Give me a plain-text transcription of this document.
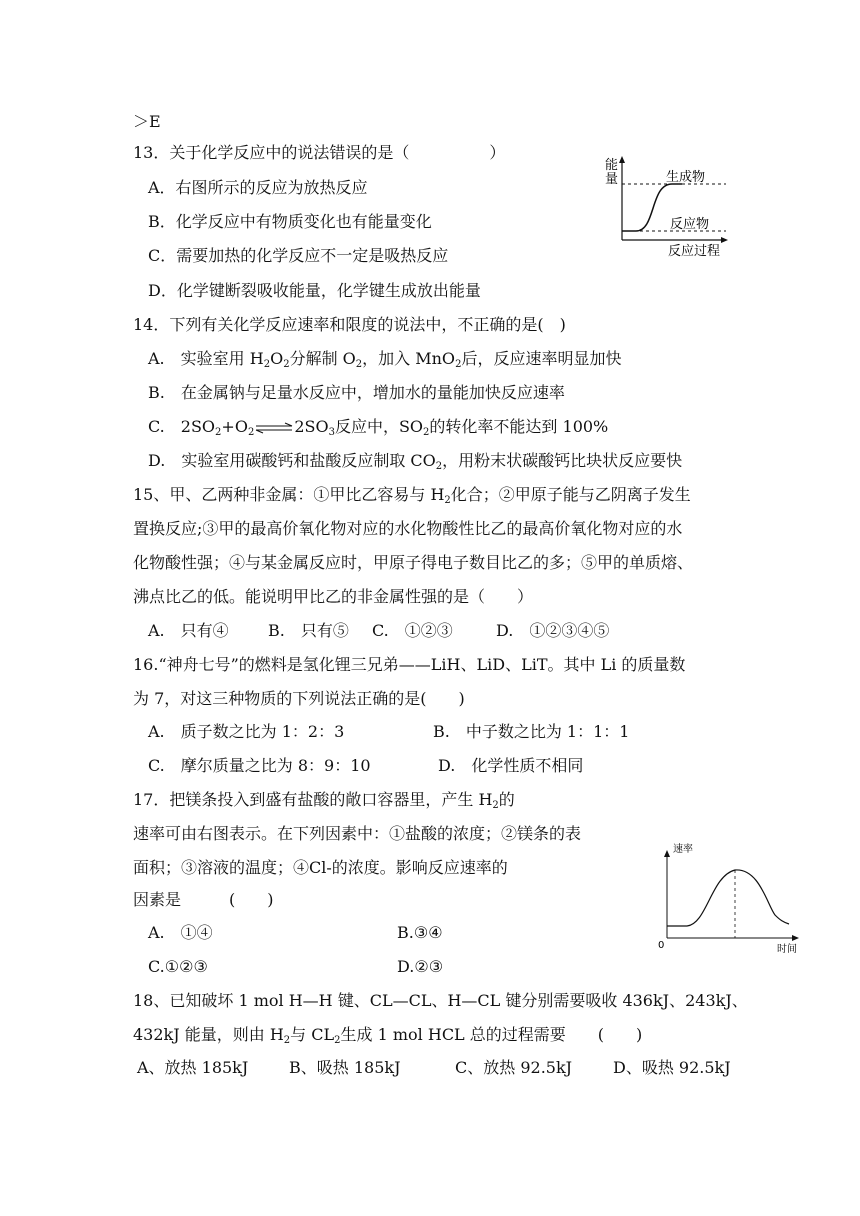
＞E
13．关于化学反应中的说法错误的是（　　　　　）
A．右图所示的反应为放热反应
B．化学反应中有物质变化也有能量变化
C．需要加热的化学反应不一定是吸热反应
D．化学键断裂吸收能量，化学键生成放出能量
能
量	生成物
反应物
反应过程
14．下列有关化学反应速率和限度的说法中，不正确的是(　)
A.　实验室用 $H_2O_2$分解制 $O_2$，加入 MnO$_2$后，反应速率明显加快
B.　在金属钠与足量水反应中，增加水的量能加快反应速率
C.　$2SO_2+O_2\rightleftharpoons 2SO_3$反应中，$SO_2$的转化率不能达到 100%
D.　实验室用碳酸钙和盐酸反应制取 $CO_2$，用粉末状碳酸钙比块状反应要快
15、甲、乙两种非金属：①甲比乙容易与 $H_2$化合；②甲原子能与乙阴离子发生
置换反应;③甲的最高价氧化物对应的水化物酸性比乙的最高价氧化物对应的水
化物酸性强；④与某金属反应时，甲原子得电子数目比乙的多；⑤甲的单质熔、
沸点比乙的低。能说明甲比乙的非金属性强的是（　　）
A.　只有④ B.　只有⑤ C.　①②③	D.　①②③④⑤
16.“神舟七号”的燃料是氢化锂三兄弟——LiH、LiD、LiT。其中 Li 的质量数
为 7，对这三种物质的下列说法正确的是(　　)
A.　质子数之比为 1：2：3	B.　中子数之比为 1：1：1
C.　摩尔质量之比为 8：9：10	D.　化学性质不相同
17．把镁条投入到盛有盐酸的敞口容器里，产生 $H_2$的
速率可由右图表示。在下列因素中：①盐酸的浓度；②镁条的表
面积；③溶液的温度；④Cl-的浓度。影响反应速率的
因素是　　　(　　)
A.　①④	B.③④
C.①②③	D.②③
速率
0	时间
18、已知破坏 1 mol H—H 键、CL—CL、H—CL 键分别需要吸收 436kJ、243kJ、
432kJ 能量，则由 $H_2$与 $CL_2$生成 1 mol HCL 总的过程需要　　(　　)
A、放热 185kJ	B、吸热 185kJ	C、放热 92.5kJ	D、吸热 92.5kJ
